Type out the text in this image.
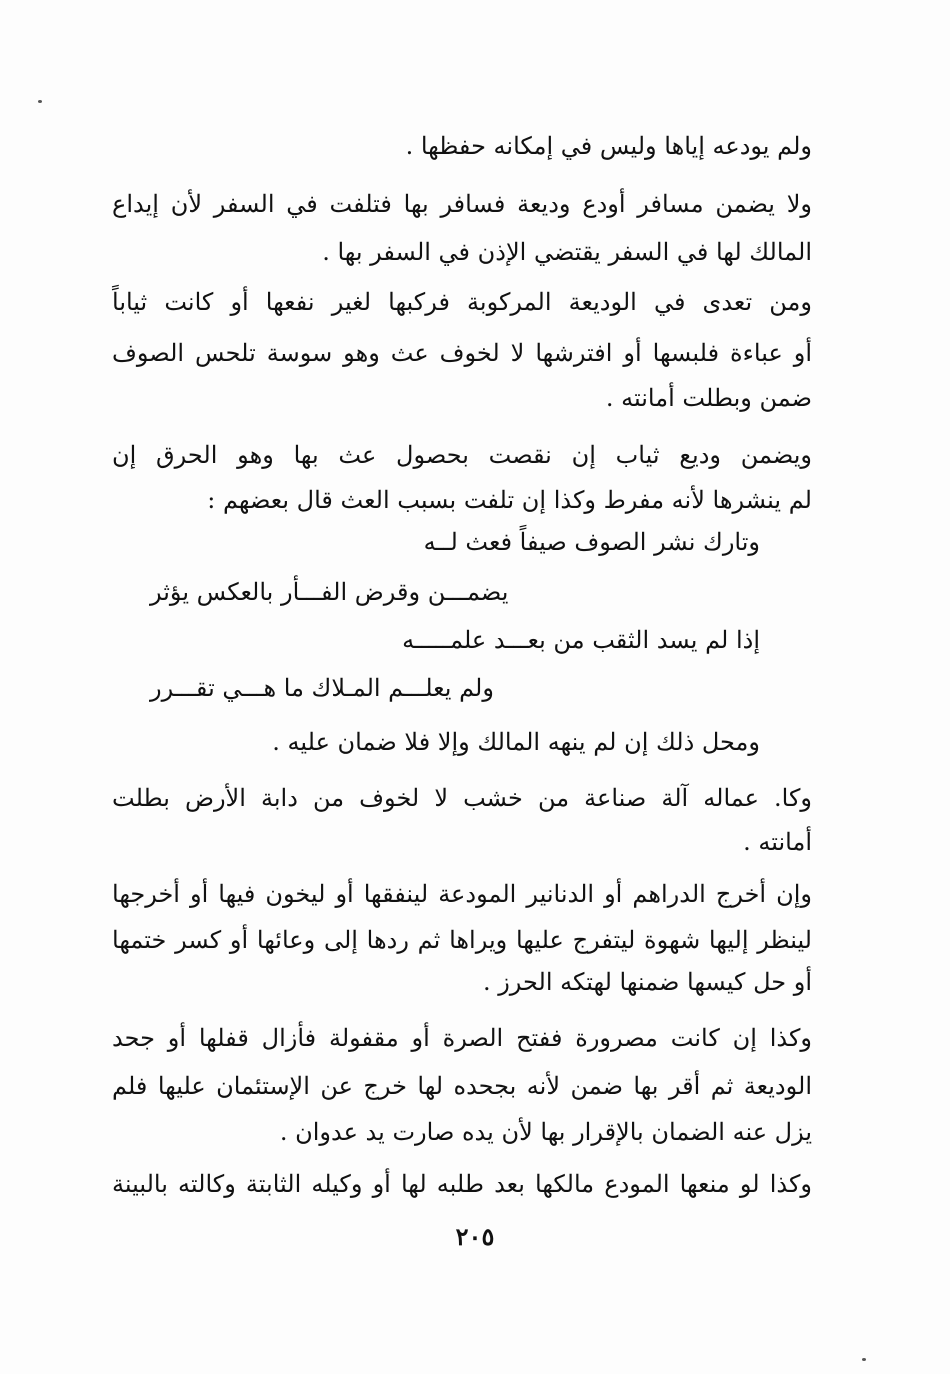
ولم يودعه إياها وليس في إمكانه حفظها .
ولا يضمن مسافر أودع وديعة فسافر بها فتلفت في السفر لأن إيداع
المالك لها في السفر يقتضي الإذن في السفر بها .
ومن تعدى في الوديعة المركوبة فركبها لغير نفعها أو كانت ثياباً
أو عباءة فلبسها أو افترشها لا لخوف عث وهو سوسة تلحس الصوف
ضمن وبطلت أمانته .
ويضمن وديع ثياب إن نقصت بحصول عث بها وهو الحرق إن
لم ينشرها لأنه مفرط وكذا إن تلفت بسبب العث قال بعضهم :
وتارك نشر الصوف صيفاً فعث لــه
يضمـــن وقرض الفـــأر بالعكس يؤثر
إذا لم يسد الثقب من بعـــد علمـــــه
ولم يعلـــم المـلاك ما هـــي تقـــرر
ومحل ذلك إن لم ينهه المالك وإلا فلا ضمان عليه .
وكا. عماله آلة صناعة من خشب لا لخوف من دابة الأرض بطلت
أمانته .
وإن أخرج الدراهم أو الدنانير المودعة لينفقها أو ليخون فيها أو أخرجها
لينظر إليها شهوة ليتفرج عليها ويراها ثم ردها إلى وعائها أو كسر ختمها
أو حل كيسها ضمنها لهتكه الحرز .
وكذا إن كانت مصرورة ففتح الصرة أو مقفولة فأزال قفلها أو جحد
الوديعة ثم أقر بها ضمن لأنه بجحده لها خرج عن الإستئمان عليها فلم
يزل عنه الضمان بالإقرار بها لأن يده صارت يد عدوان .
وكذا لو منعها المودع مالكها بعد طلبه لها أو وكيله الثابتة وكالته بالبينة
٢٠٥
